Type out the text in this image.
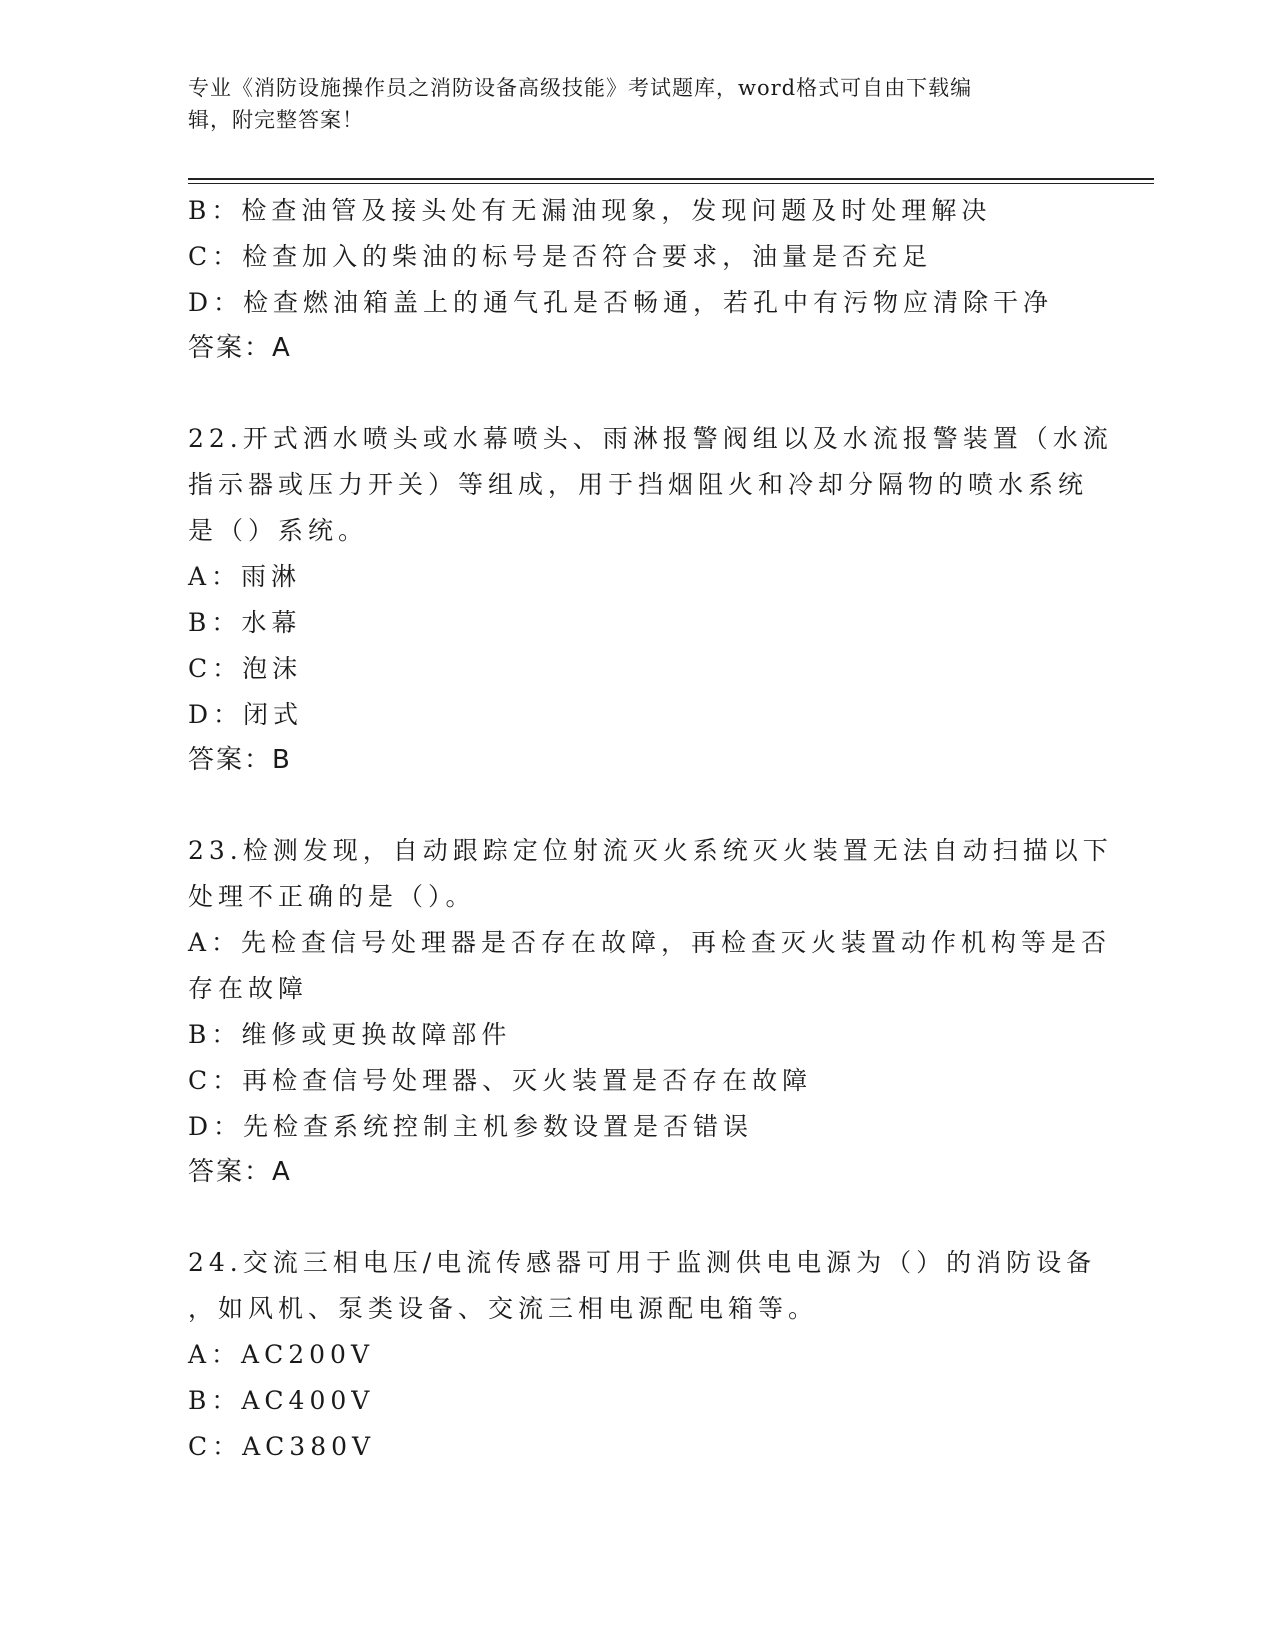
专业《消防设施操作员之消防设备高级技能》考试题库，word格式可自由下载编
辑，附完整答案！
B：检查油管及接头处有无漏油现象，发现问题及时处理解决
C：检查加入的柴油的标号是否符合要求，油量是否充足
D：检查燃油箱盖上的通气孔是否畅通，若孔中有污物应清除干净
答案：A
22.开式洒水喷头或水幕喷头、雨淋报警阀组以及水流报警装置（水流
指示器或压力开关）等组成，用于挡烟阻火和冷却分隔物的喷水系统
是（）系统。
A：雨淋
B：水幕
C：泡沫
D：闭式
答案：B
23.检测发现，自动跟踪定位射流灭火系统灭火装置无法自动扫描以下
处理不正确的是（）。
A：先检查信号处理器是否存在故障，再检查灭火装置动作机构等是否
存在故障
B：维修或更换故障部件
C：再检查信号处理器、灭火装置是否存在故障
D：先检查系统控制主机参数设置是否错误
答案：A
24.交流三相电压/电流传感器可用于监测供电电源为（）的消防设备
，如风机、泵类设备、交流三相电源配电箱等。
A：AC200V
B：AC400V
C：AC380V
